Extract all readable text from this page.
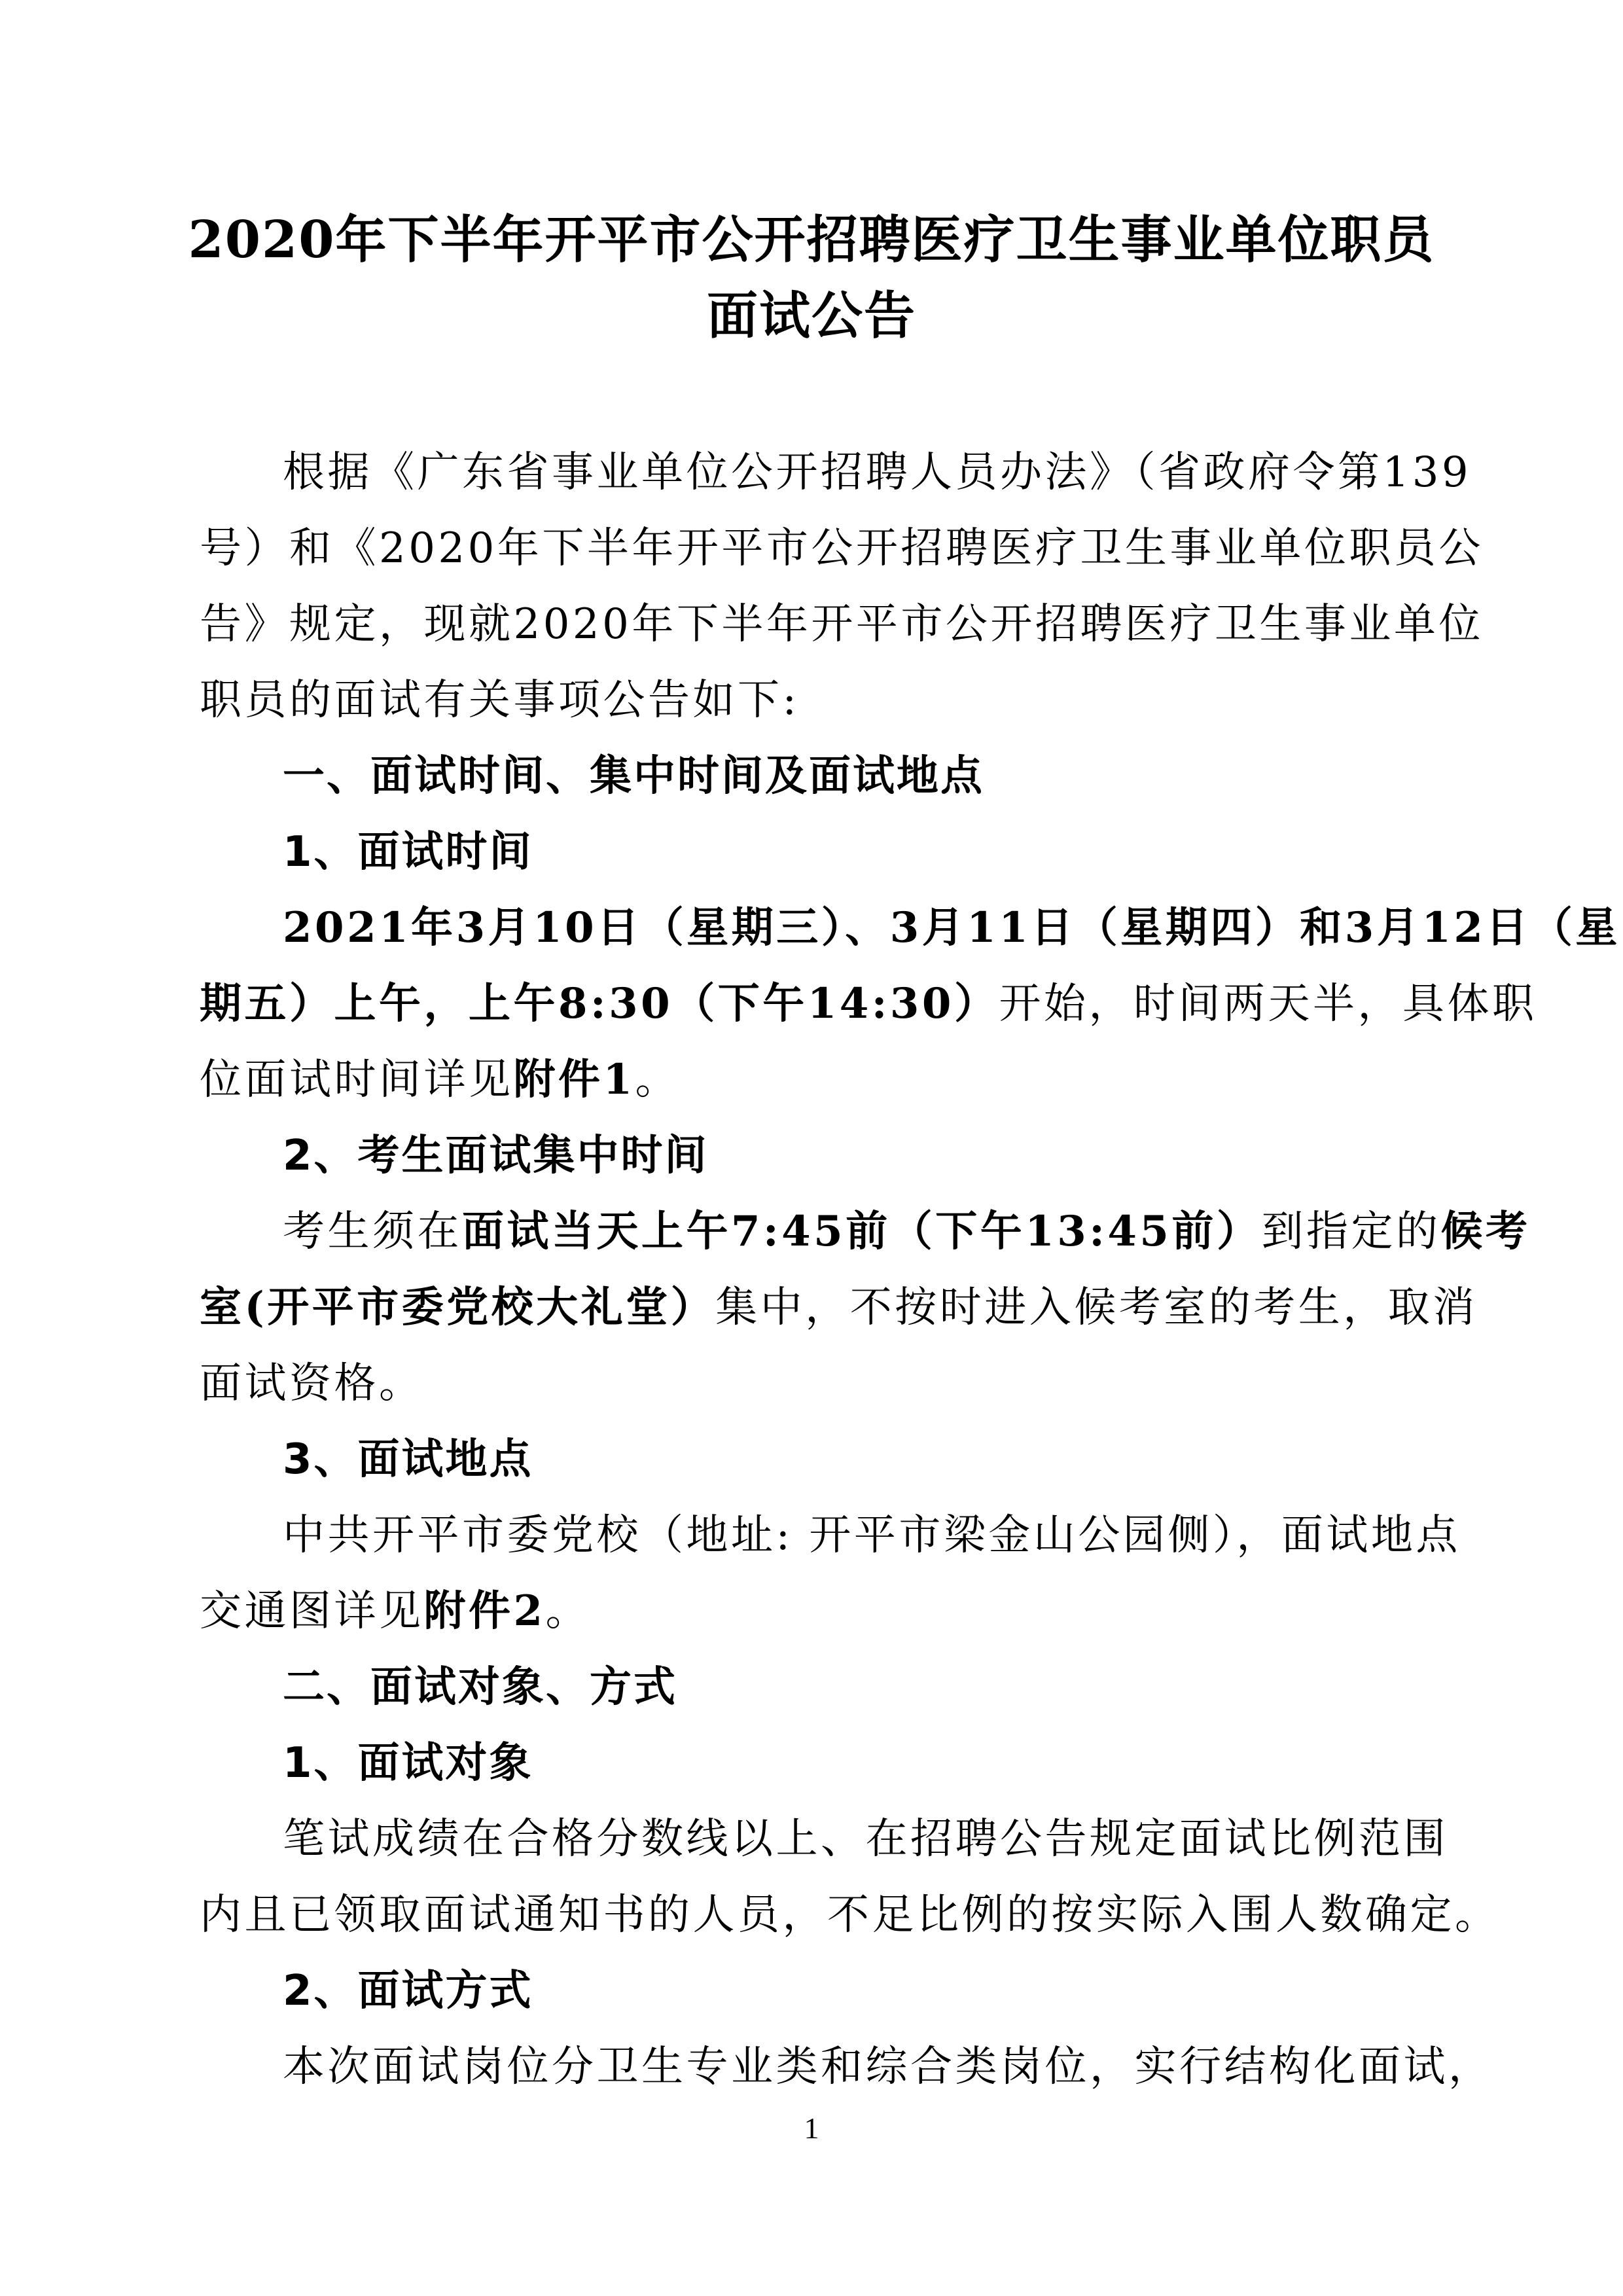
2020年下半年开平市公开招聘医疗卫生事业单位职员
面试公告
根据《广东省事业单位公开招聘人员办法》（省政府令第139
号）和《2020年下半年开平市公开招聘医疗卫生事业单位职员公
告》规定，现就2020年下半年开平市公开招聘医疗卫生事业单位
职员的面试有关事项公告如下:
一、面试时间、集中时间及面试地点
1、面试时间
2021年3月10日（星期三）、3月11日（星期四）和3月12日（星
期五）上午，上午8:30（下午14:30）开始，时间两天半，具体职
位面试时间详见附件1。
2、考生面试集中时间
考生须在面试当天上午7:45前（下午13:45前）到指定的候考
室(开平市委党校大礼堂）集中，不按时进入候考室的考生，取消
面试资格。
3、面试地点
中共开平市委党校（地址: 开平市梁金山公园侧），面试地点
交通图详见附件2。
二、面试对象、方式
1、面试对象
笔试成绩在合格分数线以上、在招聘公告规定面试比例范围
内且已领取面试通知书的人员，不足比例的按实际入围人数确定。
2、面试方式
本次面试岗位分卫生专业类和综合类岗位，实行结构化面试，
1
